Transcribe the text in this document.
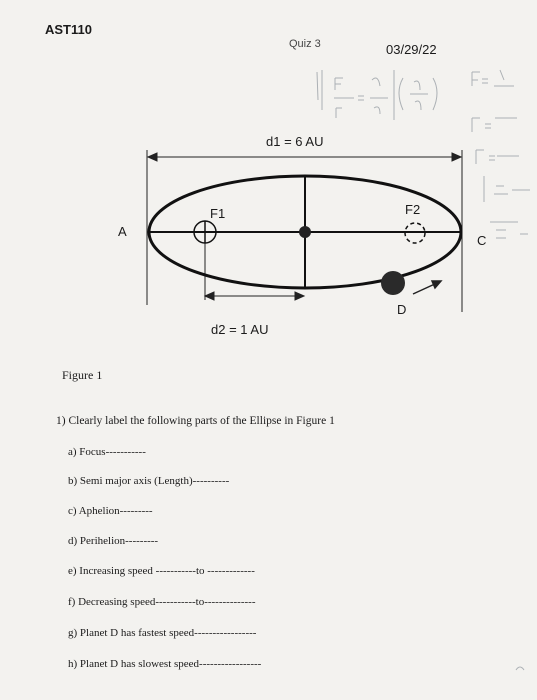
AST110
Quiz 3	03/29/22
d1 = 6 AU
d2 = 1 AU
F1	F2
A
C
D
Figure 1
1) Clearly label the following parts of the Ellipse in Figure 1
a) Focus-----------
b) Semi major axis (Length)----------
c) Aphelion---------
d) Perihelion---------
e) Increasing speed -----------to -------------
f) Decreasing speed-----------to--------------
g) Planet D has fastest speed-----------------
h) Planet D has slowest speed-----------------
